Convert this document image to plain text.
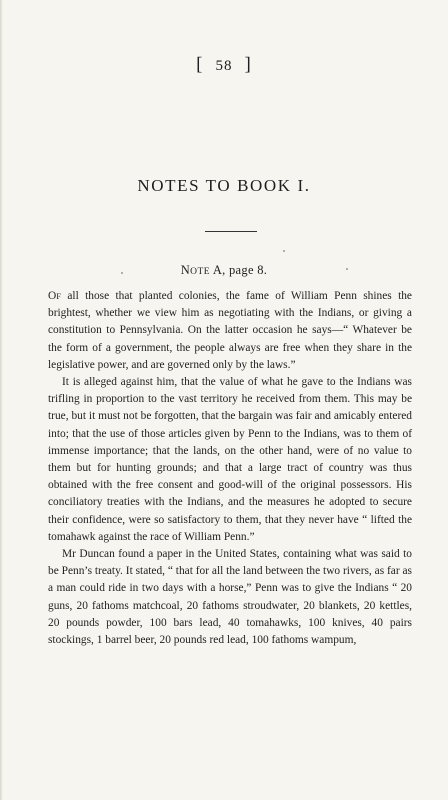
[ 58 ]
NOTES TO BOOK I.
NOTE A, page 8.

OF all those that planted colonies, the fame of William Penn shines the brightest, whether we view him as negotiating with the Indians, or giving a constitution to Pennsylvania. On the latter occasion he says—“ Whatever be the form of a government, the people always are free when they share in the legislative power, and are governed only by the laws.”

It is alleged against him, that the value of what he gave to the Indians was trifling in proportion to the vast territory he received from them. This may be true, but it must not be forgotten, that the bargain was fair and amicably entered into; that the use of those articles given by Penn to the Indians, was to them of immense importance; that the lands, on the other hand, were of no value to them but for hunting grounds; and that a large tract of country was thus obtained with the free consent and good-will of the original possessors. His conciliatory treaties with the Indians, and the measures he adopted to secure their confidence, were so satisfactory to them, that they never have “ lifted the tomahawk against the race of William Penn.”

Mr Duncan found a paper in the United States, containing what was said to be Penn’s treaty. It stated, “ that for all the land between the two rivers, as far as a man could ride in two days with a horse,” Penn was to give the Indians “ 20 guns, 20 fathoms matchcoal, 20 fathoms stroudwater, 20 blankets, 20 kettles, 20 pounds powder, 100 bars lead, 40 tomahawks, 100 knives, 40 pairs stockings, 1 barrel beer, 20 pounds red lead, 100 fathoms wampum,
